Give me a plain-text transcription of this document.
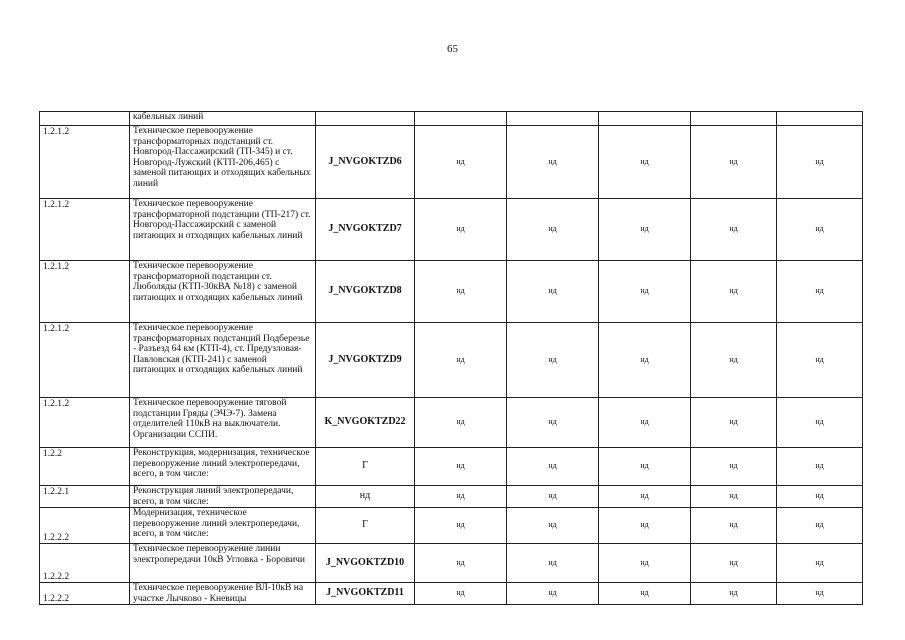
65
	кабельных линий						
1.2.1.2	Техническое перевооружение трансформаторных подстанций ст. Новгород-Пассажирский (ТП-345) и ст. Новгород-Лужский (КТП-206,465) с заменой питающих и отходящих кабельных линий	J_NVGOKTZD6	нд	нд	нд	нд	нд
1.2.1.2	Техническое перевооружение трансформаторной подстанции (ТП-217) ст. Новгород-Пассажирский с заменой питающих и отходящих кабельных линий	J_NVGOKTZD7	нд	нд	нд	нд	нд
1.2.1.2	Техническое перевооружение трансформаторной подстанции ст. Люболяды (КТП-30кВА №18) с заменой питающих и отходящих кабельных линий	J_NVGOKTZD8	нд	нд	нд	нд	нд
1.2.1.2	Техническое перевооружение трансформаторных подстанций Подберезье - Разъезд 64 км (КТП-4), ст. Предузловая-Павловская (КТП-241) с заменой питающих и отходящих кабельных линий	J_NVGOKTZD9	нд	нд	нд	нд	нд
1.2.1.2	Техническое перевооружение тяговой подстанции Гряды (ЭЧЭ-7). Замена отделителей 110кВ на выключатели. Организации ССПИ.	K_NVGOKTZD22	нд	нд	нд	нд	нд
1.2.2	Реконструкция, модернизация, техническое перевооружение линий электропередачи, всего, в том числе:	Г	нд	нд	нд	нд	нд
1.2.2.1	Реконструкция линий электропередачи, всего, в том числе:	нд	нд	нд	нд	нд	нд
1.2.2.2	Модернизация, техническое перевооружение линий электропередачи, всего, в том числе:	Г	нд	нд	нд	нд	нд
1.2.2.2	Техническое перевооружение линии электропередачи 10кВ Угловка - Боровичи	J_NVGOKTZD10	нд	нд	нд	нд	нд
1.2.2.2	Техническое перевооружение ВЛ-10кВ на участке Лычково - Кневицы	J_NVGOKTZD11	нд	нд	нд	нд	нд
